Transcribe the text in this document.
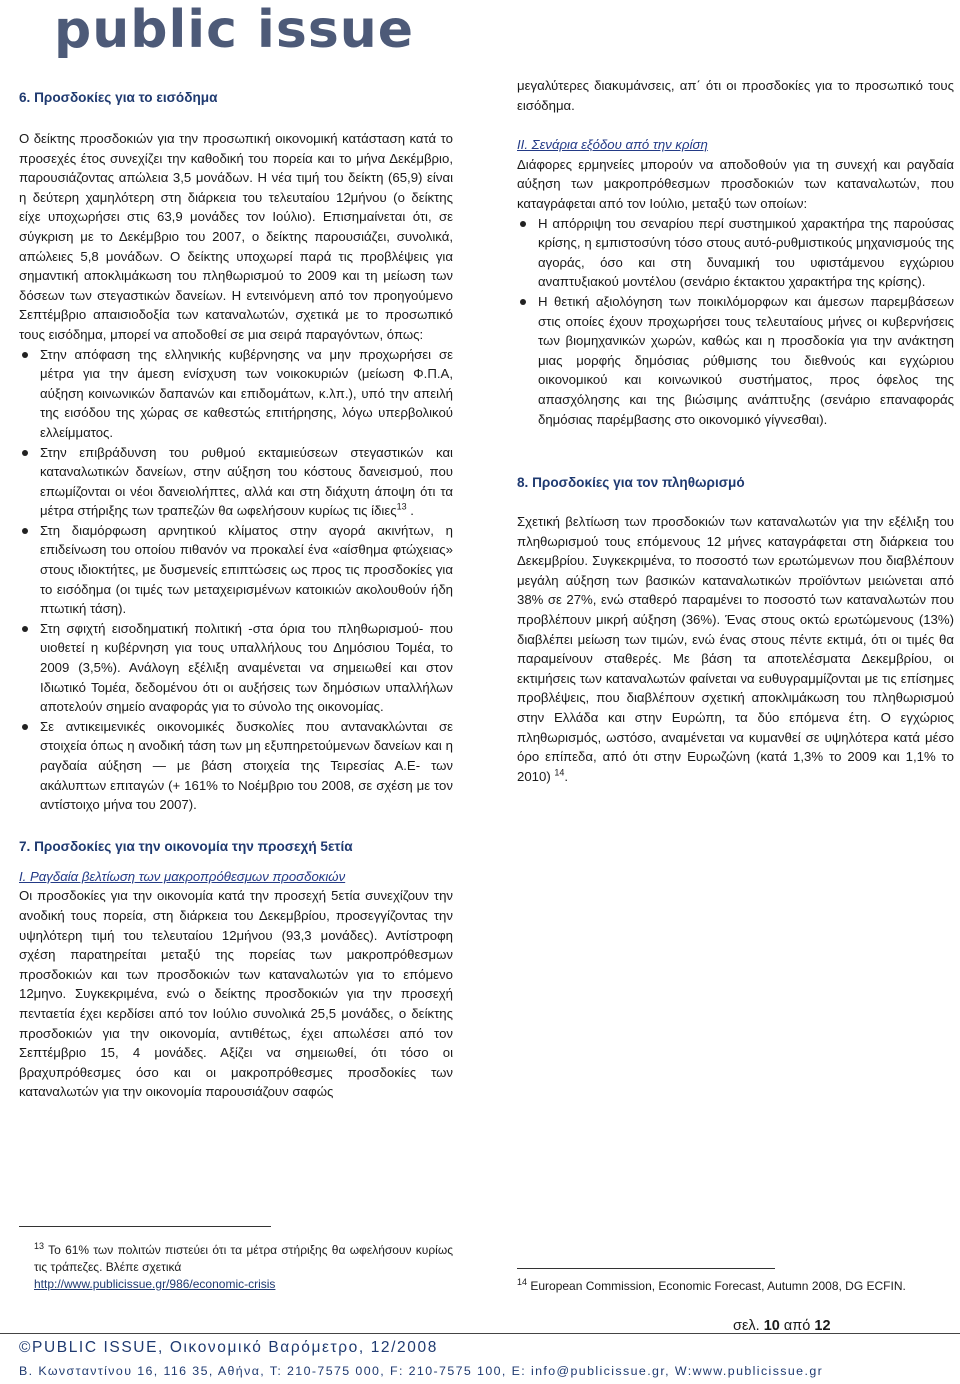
public issue
6. Προσδοκίες για το εισόδημα

Ο δείκτης προσδοκιών για την προσωπική οικονομική κατάσταση κατά το προσεχές έτος συνεχίζει την καθοδική του πορεία και το μήνα Δεκέμβριο, παρουσιάζοντας απώλεια 3,5 μονάδων. Η νέα τιμή του δείκτη (65,9) είναι η δεύτερη χαμηλότερη στη διάρκεια του τελευταίου 12μήνου (ο δείκτης είχε υποχωρήσει στις 63,9 μονάδες τον Ιούλιο). Επισημαίνεται ότι, σε σύγκριση με το Δεκέμβριο του 2007, ο δείκτης παρουσιάζει, συνολικά, απώλειες 5,8 μονάδων. Ο δείκτης υποχωρεί παρά τις προβλέψεις για σημαντική αποκλιμάκωση του πληθωρισμού το 2009 και τη μείωση των δόσεων των στεγαστικών δανείων. Η εντεινόμενη από τον προηγούμενο Σεπτέμβριο απαισιοδοξία των καταναλωτών, σχετικά με το προσωπικό τους εισόδημα, μπορεί να αποδοθεί σε μια σειρά παραγόντων, όπως:

Στην απόφαση της ελληνικής κυβέρνησης να μην προχωρήσει σε μέτρα για την άμεση ενίσχυση των νοικοκυριών (μείωση Φ.Π.Α, αύξηση κοινωνικών δαπανών και επιδομάτων, κ.λπ.), υπό την απειλή της εισόδου της χώρας σε καθεστώς επιτήρησης, λόγω υπερβολικού ελλείμματος.
Στην επιβράδυνση του ρυθμού εκταμιεύσεων στεγαστικών και καταναλωτικών δανείων, στην αύξηση του κόστους δανεισμού, που επωμίζονται οι νέοι δανειολήπτες, αλλά και στη διάχυτη άποψη ότι τα μέτρα στήριξης των τραπεζών θα ωφελήσουν κυρίως τις ίδιες$^{13}$ .
Στη διαμόρφωση αρνητικού κλίματος στην αγορά ακινήτων, η επιδείνωση του οποίου πιθανόν να προκαλεί ένα «αίσθημα φτώχειας» στους ιδιοκτήτες, με δυσμενείς επιπτώσεις ως προς τις προσδοκίες για το εισόδημα (οι τιμές των μεταχειρισμένων κατοικιών ακολουθούν ήδη πτωτική τάση).
Στη σφιχτή εισοδηματική πολιτική -στα όρια του πληθωρισμού- που υιοθετεί η κυβέρνηση για τους υπαλλήλους του Δημόσιου Τομέα, το 2009 (3,5%). Ανάλογη εξέλιξη αναμένεται να σημειωθεί και στον Ιδιωτικό Τομέα, δεδομένου ότι οι αυξήσεις των δημόσιων υπαλλήλων αποτελούν σημείο αναφοράς για το σύνολο της οικονομίας.
Σε αντικειμενικές οικονομικές δυσκολίες που αντανακλώνται σε στοιχεία όπως η ανοδική τάση των μη εξυπηρετούμενων δανείων και η ραγδαία αύξηση — με βάση στοιχεία της Τειρεσίας Α.Ε- των ακάλυπτων επιταγών (+ 161% το Νοέμβριο του 2008, σε σχέση με τον αντίστοιχο μήνα του 2007).
7. Προσδοκίες για την οικονομία την προσεχή 5ετία
I. Ραγδαία βελτίωση των μακροπρόθεσμων προσδοκιών

Οι προσδοκίες για την οικονομία κατά την προσεχή 5ετία συνεχίζουν την ανοδική τους πορεία, στη διάρκεια του Δεκεμβρίου, προσεγγίζοντας την υψηλότερη τιμή του τελευταίου 12μήνου (93,3 μονάδες). Αντίστροφη σχέση παρατηρείται μεταξύ της πορείας των μακροπρόθεσμων προσδοκιών και των προσδοκιών των καταναλωτών για το επόμενο 12μηνο. Συγκεκριμένα, ενώ ο δείκτης προσδοκιών για την προσεχή πενταετία έχει κερδίσει από τον Ιούλιο συνολικά 25,5 μονάδες, ο δείκτης προσδοκιών για την οικονομία, αντιθέτως, έχει απωλέσει από τον Σεπτέμβριο 15, 4 μονάδες. Αξίζει να σημειωθεί, ότι τόσο οι βραχυπρόθεσμες όσο και οι μακροπρόθεσμες προσδοκίες των καταναλωτών για την οικονομία παρουσιάζουν σαφώς

μεγαλύτερες διακυμάνσεις, απ΄ ότι οι προσδοκίες για το προσωπικό τους εισόδημα.

II. Σενάρια εξόδου από την κρίση

Διάφορες ερμηνείες μπορούν να αποδοθούν για τη συνεχή και ραγδαία αύξηση των μακροπρόθεσμων προσδοκιών των καταναλωτών, που καταγράφεται από τον Ιούλιο, μεταξύ των οποίων:

Η απόρριψη του σεναρίου περί συστημικού χαρακτήρα της παρούσας κρίσης, η εμπιστοσύνη τόσο στους αυτό-ρυθμιστικούς μηχανισμούς της αγοράς, όσο και στη δυναμική του υφιστάμενου εγχώριου αναπτυξιακού μοντέλου (σενάριο έκτακτου χαρακτήρα της κρίσης).
Η θετική αξιολόγηση των ποικιλόμορφων και άμεσων παρεμβάσεων στις οποίες έχουν προχωρήσει τους τελευταίους μήνες οι κυβερνήσεις των βιομηχανικών χωρών, καθώς και η προσδοκία για την ανάκτηση μιας μορφής δημόσιας ρύθμισης του διεθνούς και εγχώριου οικονομικού και κοινωνικού συστήματος, προς όφελος της απασχόλησης και της βιώσιμης ανάπτυξης (σενάριο επαναφοράς δημόσιας παρέμβασης στο οικονομικό γίγνεσθαι).
8. Προσδοκίες για τον πληθωρισμό

Σχετική βελτίωση των προσδοκιών των καταναλωτών για την εξέλιξη του πληθωρισμού τους επόμενους 12 μήνες καταγράφεται στη διάρκεια του Δεκεμβρίου. Συγκεκριμένα, το ποσοστό των ερωτώμενων που διαβλέπουν μεγάλη αύξηση των βασικών καταναλωτικών προϊόντων μειώνεται από 38% σε 27%, ενώ σταθερό παραμένει το ποσοστό των καταναλωτών που προβλέπουν μικρή αύξηση (36%). Ένας στους οκτώ ερωτώμενους (13%) διαβλέπει μείωση των τιμών, ενώ ένας στους πέντε εκτιμά, ότι οι τιμές θα παραμείνουν σταθερές. Με βάση τα αποτελέσματα Δεκεμβρίου, οι εκτιμήσεις των καταναλωτών φαίνεται να ευθυγραμμίζονται με τις επίσημες προβλέψεις, που διαβλέπουν σχετική αποκλιμάκωση του πληθωρισμού στην Ελλάδα και στην Ευρώπη, τα δύο επόμενα έτη. Ο εγχώριος πληθωρισμός, ωστόσο, αναμένεται να κυμανθεί σε υψηλότερα κατά μέσο όρο επίπεδα, από ότι στην Ευρωζώνη (κατά 1,3% το 2009 και 1,1% το 2010) $^{14}$.

$^{13}$ Το 61% των πολιτών πιστεύει ότι τα μέτρα στήριξης θα ωφελήσουν κυρίως τις τράπεζες. Βλέπε σχετικά
http://www.publicissue.gr/986/economic-crisis	$^{14}$ European Commission, Economic Forecast, Autumn 2008, DG ECFIN.
σελ. 10 από 12
©PUBLIC ISSUE, Οικονομικό Βαρόμετρο, 12/2008
Β. Κωνσταντίνου 16, 116 35, Αθήνα, Τ: 210-7575 000, F: 210-7575 100, E: info@publicissue.gr, W:www.publicissue.gr
